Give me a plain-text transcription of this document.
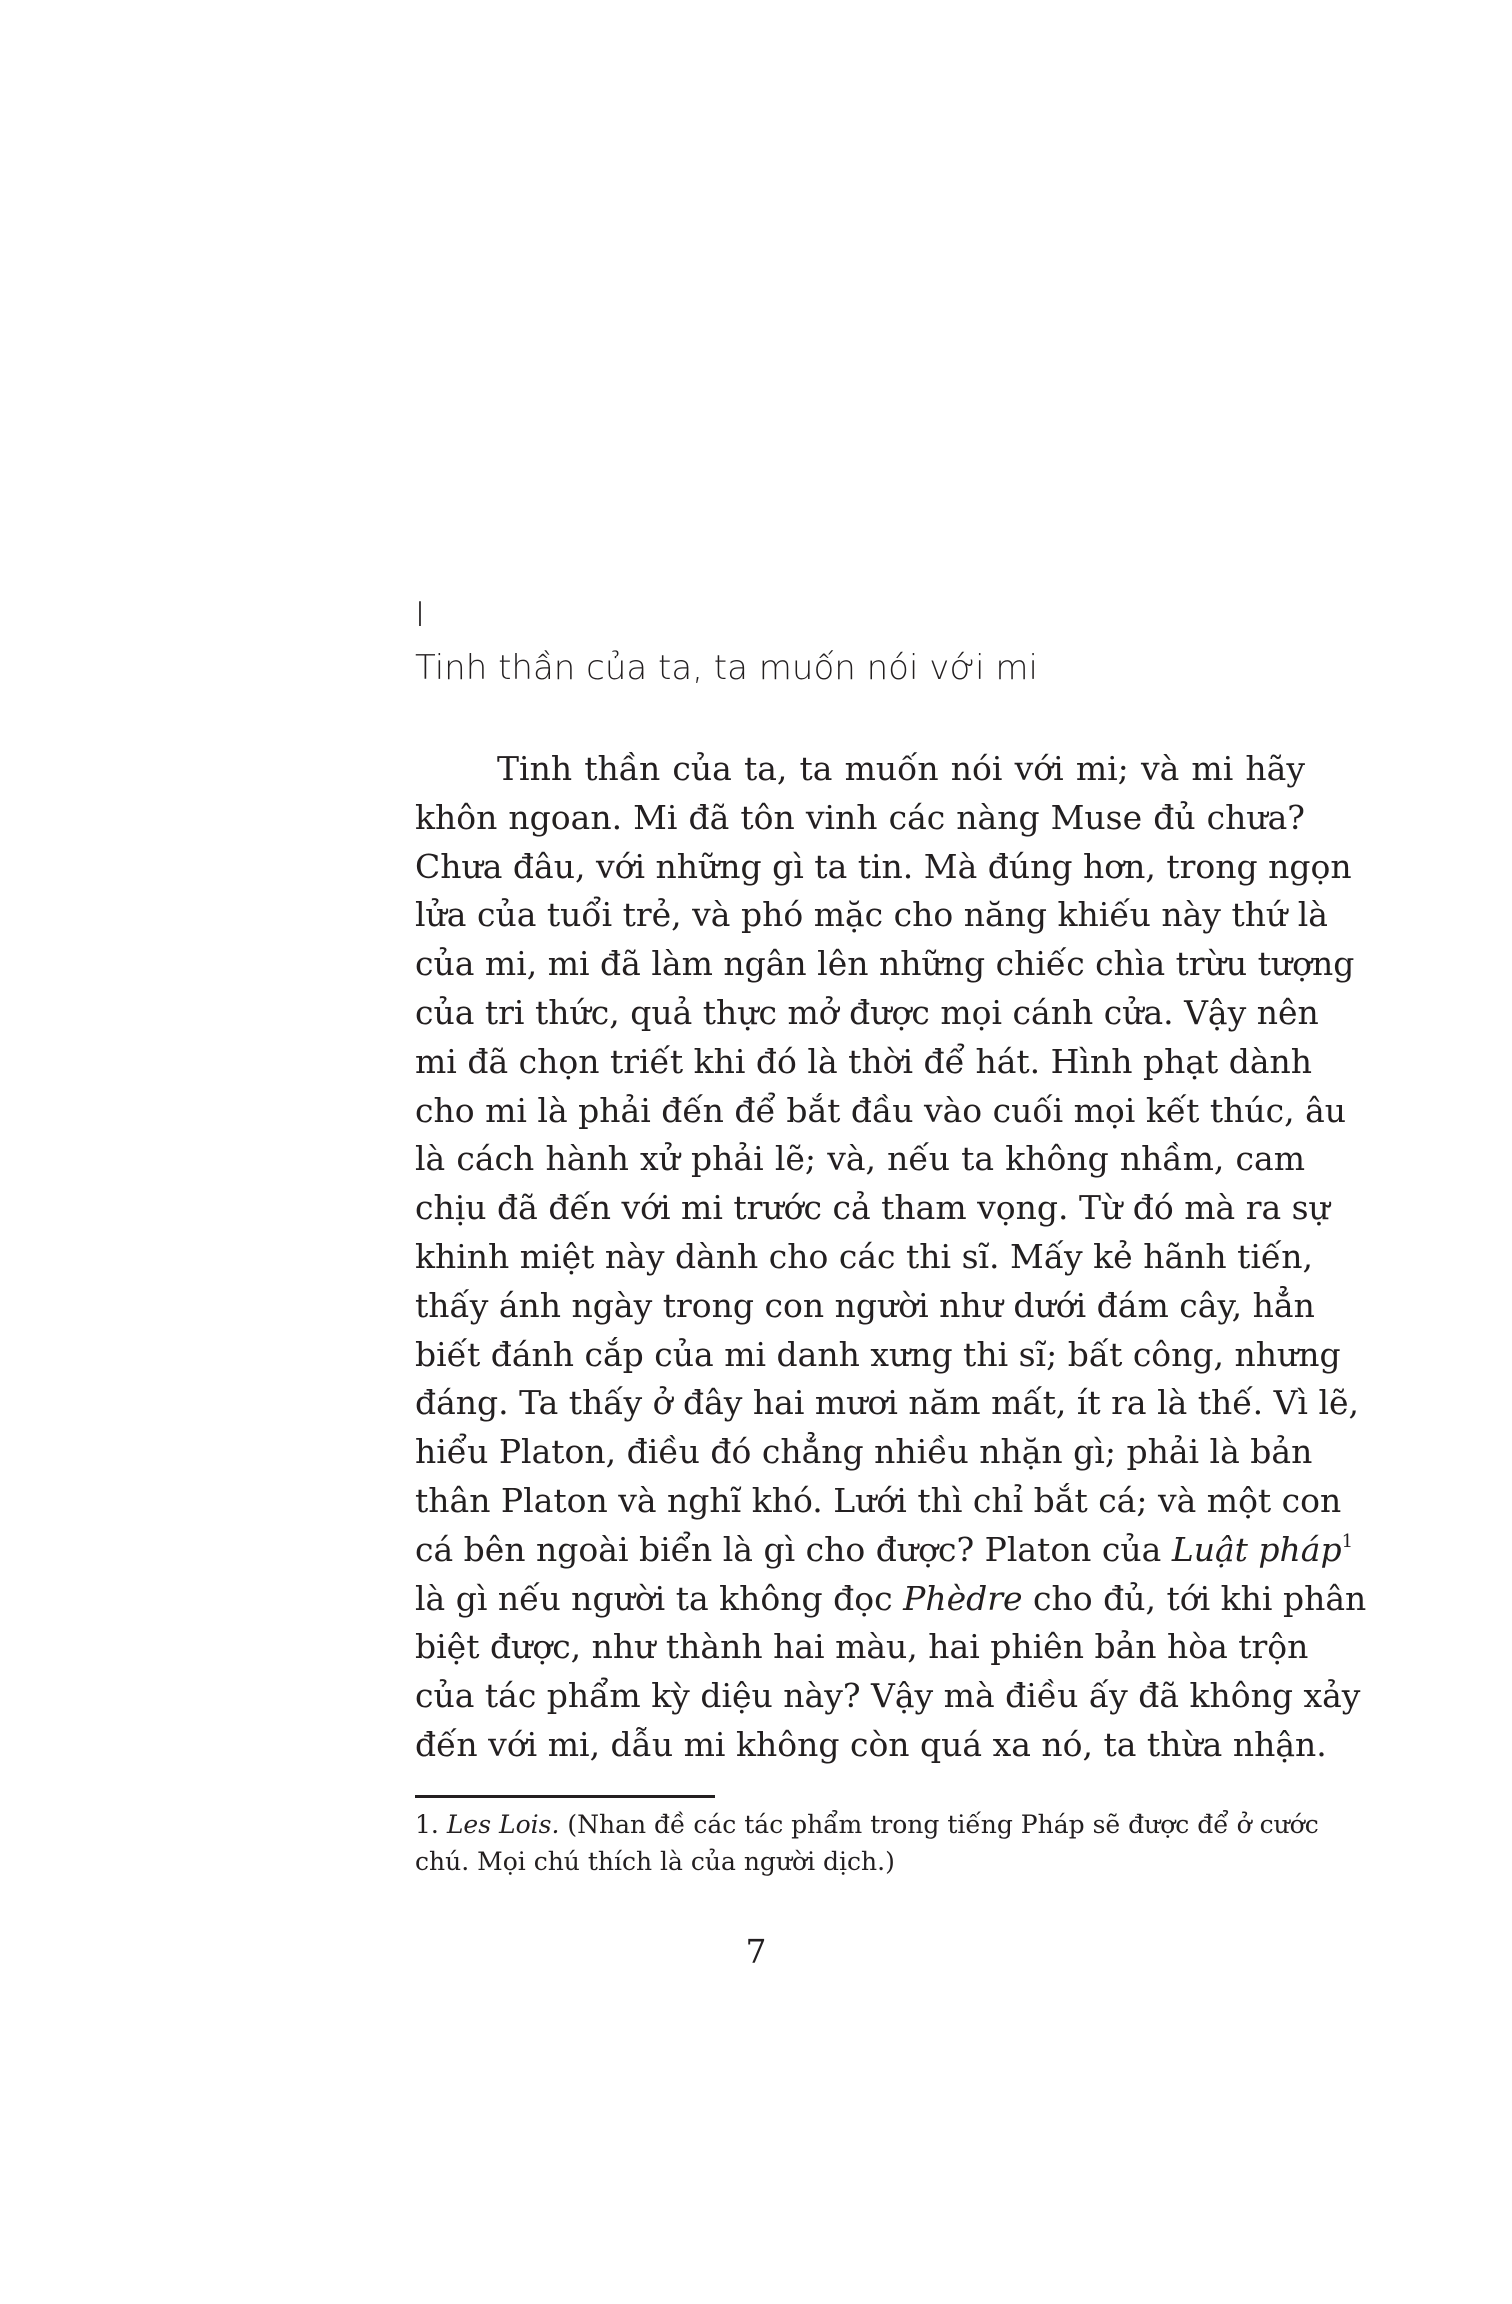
I
Tinh thần của ta, ta muốn nói với mi
Tinh thần của ta, ta muốn nói với mi; và mi hãy
khôn ngoan. Mi đã tôn vinh các nàng Muse đủ chưa?
Chưa đâu, với những gì ta tin. Mà đúng hơn, trong ngọn
lửa của tuổi trẻ, và phó mặc cho năng khiếu này thứ là
của mi, mi đã làm ngân lên những chiếc chìa trừu tượng
của tri thức, quả thực mở được mọi cánh cửa. Vậy nên
mi đã chọn triết khi đó là thời để hát. Hình phạt dành
cho mi là phải đến để bắt đầu vào cuối mọi kết thúc, âu
là cách hành xử phải lẽ; và, nếu ta không nhầm, cam
chịu đã đến với mi trước cả tham vọng. Từ đó mà ra sự
khinh miệt này dành cho các thi sĩ. Mấy kẻ hãnh tiến,
thấy ánh ngày trong con người như dưới đám cây, hẳn
biết đánh cắp của mi danh xưng thi sĩ; bất công, nhưng
đáng. Ta thấy ở đây hai mươi năm mất, ít ra là thế. Vì lẽ,
hiểu Platon, điều đó chẳng nhiều nhặn gì; phải là bản
thân Platon và nghĩ khó. Lưới thì chỉ bắt cá; và một con
cá bên ngoài biển là gì cho được? Platon của Luật pháp$^1$
là gì nếu người ta không đọc Phèdre cho đủ, tới khi phân
biệt được, như thành hai màu, hai phiên bản hòa trộn
của tác phẩm kỳ diệu này? Vậy mà điều ấy đã không xảy
đến với mi, dẫu mi không còn quá xa nó, ta thừa nhận.
1. Les Lois. (Nhan đề các tác phẩm trong tiếng Pháp sẽ được để ở cước
chú. Mọi chú thích là của người dịch.)
7
